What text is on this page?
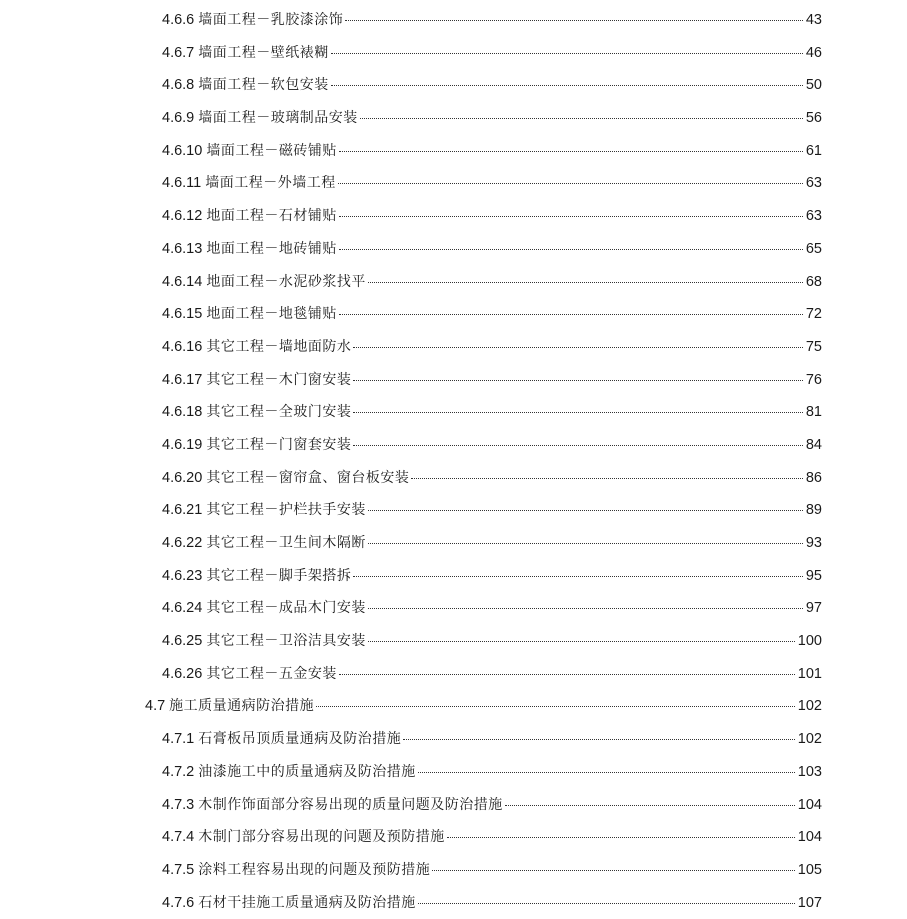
4.6.6 墙面工程－乳胶漆涂饰	43
4.6.7 墙面工程－壁纸裱糊	46
4.6.8 墙面工程－软包安装	50
4.6.9 墙面工程－玻璃制品安装	56
4.6.10 墙面工程－磁砖铺贴	61
4.6.11 墙面工程－外墙工程	63
4.6.12 地面工程－石材铺贴	63
4.6.13 地面工程－地砖铺贴	65
4.6.14 地面工程－水泥砂浆找平	68
4.6.15 地面工程－地毯铺贴	72
4.6.16 其它工程－墙地面防水	75
4.6.17 其它工程－木门窗安装	76
4.6.18 其它工程－全玻门安装	81
4.6.19 其它工程－门窗套安装	84
4.6.20 其它工程－窗帘盒、窗台板安装	86
4.6.21 其它工程－护栏扶手安装	89
4.6.22 其它工程－卫生间木隔断	93
4.6.23 其它工程－脚手架搭拆	95
4.6.24 其它工程－成品木门安装	97
4.6.25 其它工程－卫浴洁具安装	100
4.6.26 其它工程－五金安装	101
4.7 施工质量通病防治措施	102
4.7.1 石膏板吊顶质量通病及防治措施	102
4.7.2 油漆施工中的质量通病及防治措施	103
4.7.3 木制作饰面部分容易出现的质量问题及防治措施	104
4.7.4 木制门部分容易出现的问题及预防措施	104
4.7.5 涂料工程容易出现的问题及预防措施	105
4.7.6 石材干挂施工质量通病及防治措施	107
